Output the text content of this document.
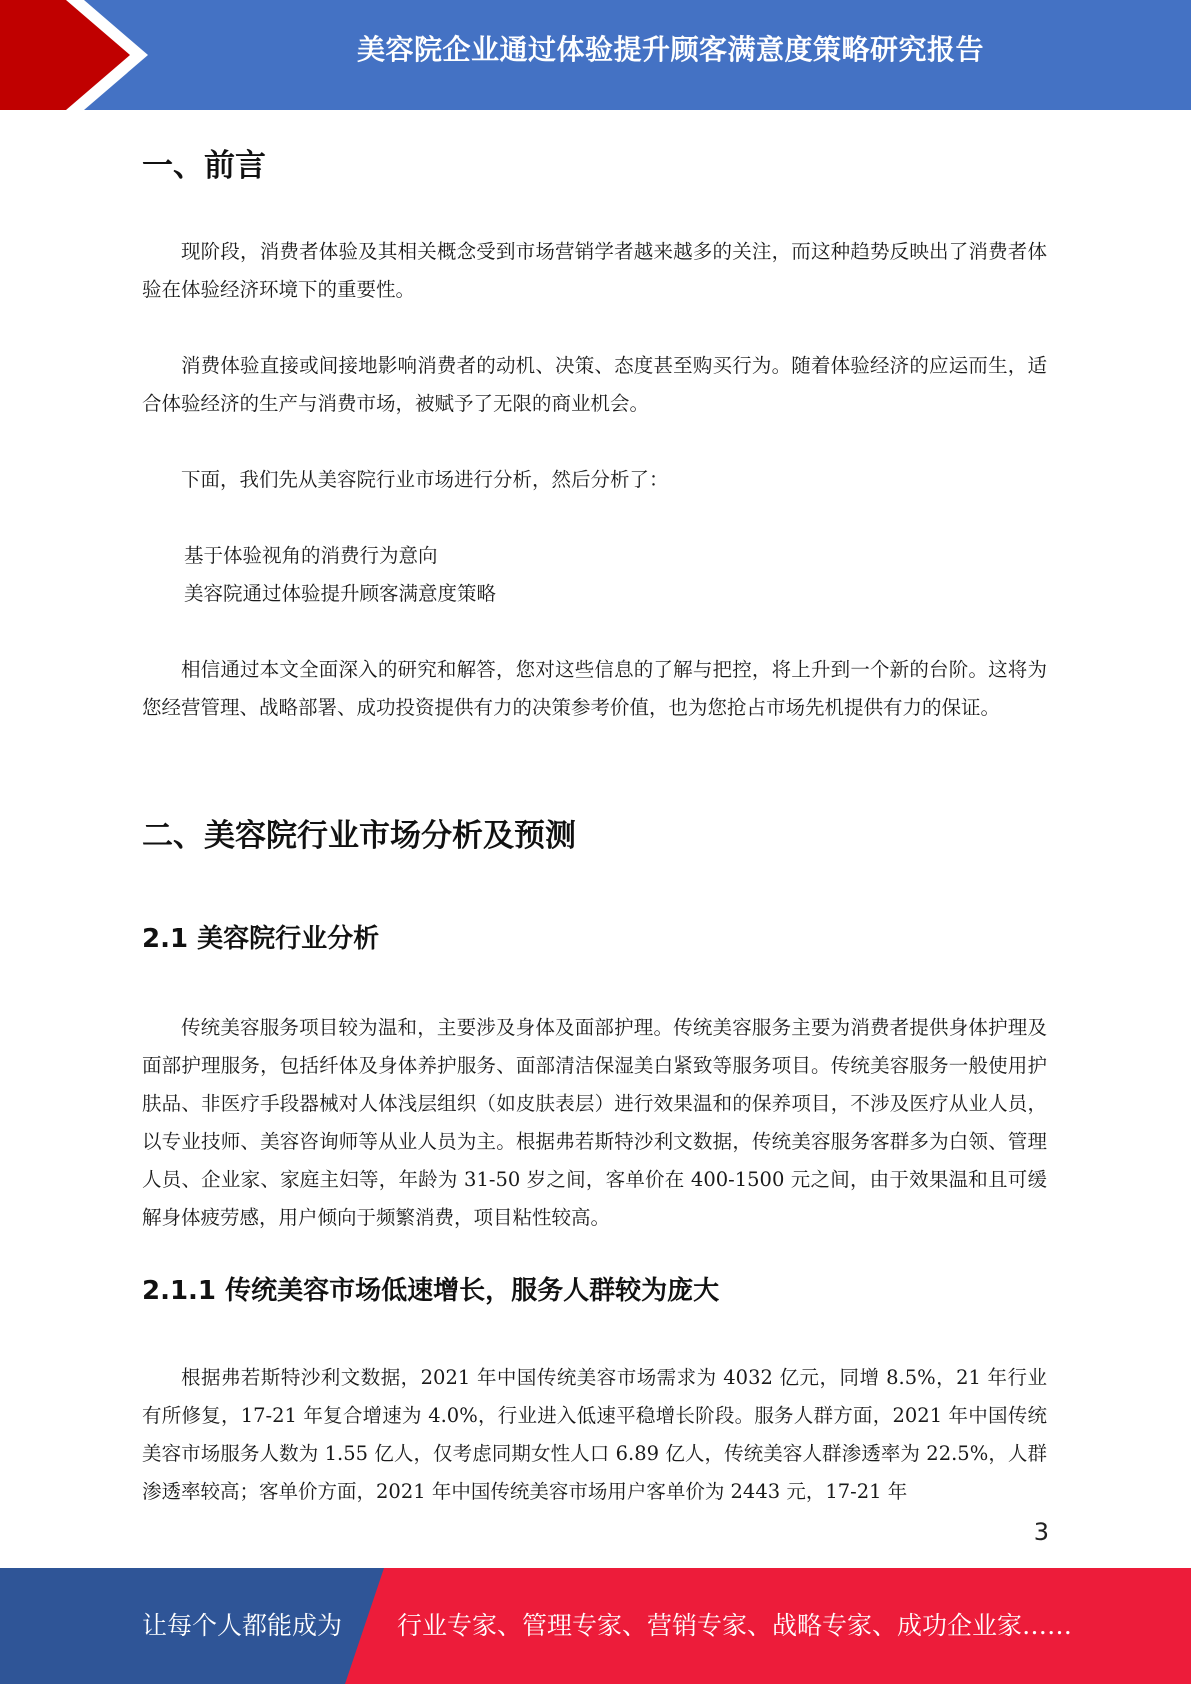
美容院企业通过体验提升顾客满意度策略研究报告
一、前言

现阶段，消费者体验及其相关概念受到市场营销学者越来越多的关注，而这种趋势反映出了消费者体验在体验经济环境下的重要性。

消费体验直接或间接地影响消费者的动机、决策、态度甚至购买行为。随着体验经济的应运而生，适合体验经济的生产与消费市场，被赋予了无限的商业机会。

下面，我们先从美容院行业市场进行分析，然后分析了：

基于体验视角的消费行为意向
美容院通过体验提升顾客满意度策略

相信通过本文全面深入的研究和解答，您对这些信息的了解与把控，将上升到一个新的台阶。这将为您经营管理、战略部署、成功投资提供有力的决策参考价值，也为您抢占市场先机提供有力的保证。

二、美容院行业市场分析及预测
2.1 美容院行业分析

传统美容服务项目较为温和，主要涉及身体及面部护理。传统美容服务主要为消费者提供身体护理及面部护理服务，包括纤体及身体养护服务、面部清洁保湿美白紧致等服务项目。传统美容服务一般使用护肤品、非医疗手段器械对人体浅层组织（如皮肤表层）进行效果温和的保养项目，不涉及医疗从业人员，以专业技师、美容咨询师等从业人员为主。根据弗若斯特沙利文数据，传统美容服务客群多为白领、管理人员、企业家、家庭主妇等，年龄为 31-50 岁之间，客单价在 400-1500 元之间，由于效果温和且可缓解身体疲劳感，用户倾向于频繁消费，项目粘性较高。

2.1.1 传统美容市场低速增长，服务人群较为庞大

根据弗若斯特沙利文数据，2021 年中国传统美容市场需求为 4032 亿元，同增 8.5%，21 年行业有所修复，17-21 年复合增速为 4.0%，行业进入低速平稳增长阶段。服务人群方面，2021 年中国传统美容市场服务人数为 1.55 亿人，仅考虑同期女性人口 6.89 亿人，传统美容人群渗透率为 22.5%，人群渗透率较高；客单价方面，2021 年中国传统美容市场用户客单价为 2443 元，17-21 年

3
让每个人都能成为 行业专家、管理专家、营销专家、战略专家、成功企业家……
